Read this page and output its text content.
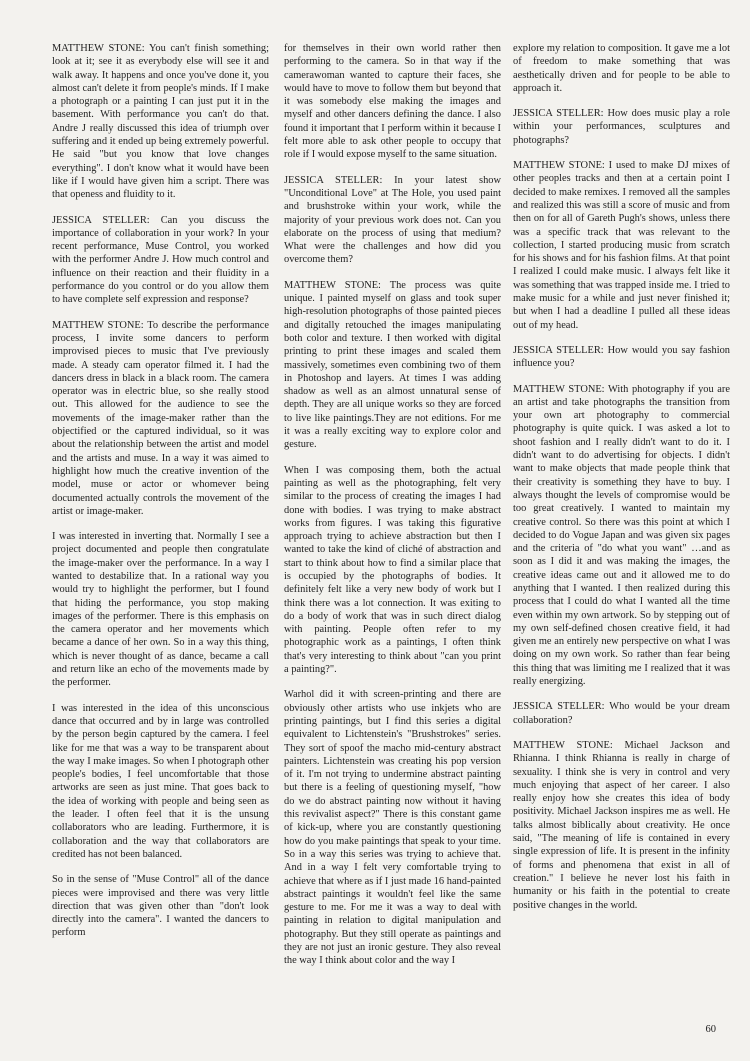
MATTHEW STONE: You can't finish something; look at it; see it as everybody else will see it and walk away. It happens and once you've done it, you almost can't delete it from people's minds. If I make a photograph or a painting I can just put it in the basement. With performance you can't do that. Andre J really discussed this idea of triumph over suffering and it ended up being extremely powerful. He said "but you know that love changes everything". I don't know what it would have been like if I would have given him a script. There was that openess and fluidity to it.

JESSICA STELLER: Can you discuss the importance of collaboration in your work? In your recent performance, Muse Control, you worked with the performer Andre J. How much control and influence on their reaction and their fluidity in a performance do you control or do you allow them to have complete self expression and response?

MATTHEW STONE: To describe the performance process, I invite some dancers to perform improvised pieces to music that I've previously made. A steady cam operator filmed it. I had the dancers dress in black in a black room. The camera operator was in electric blue, so she really stood out. This allowed for the audience to see the movements of the image-maker rather than the objectified or the captured individual, so it was about the relationship between the artist and model and the artists and muse. In a way it was aimed to highlight how much the creative invention of the model, muse or actor or whomever being documented actually controls the movement of the artist or image-maker.

I was interested in inverting that. Normally I see a project documented and people then congratulate the image-maker over the performance. In a way I wanted to destabilize that. In a rational way you would try to highlight the performer, but I found that hiding the performance, you stop making images of the performer. There is this emphasis on the camera operator and her movements which became a dance of her own. So in a way this thing, which is never thought of as dance, became a call and return like an echo of the movements made by the performer.

I was interested in the idea of this unconscious dance that occurred and by in large was controlled by the person begin captured by the camera. I feel like for me that was a way to be transparent about the way I make images. So when I photograph other people's bodies, I feel uncomfortable that those artworks are seen as just mine. That goes back to the idea of working with people and being seen as the leader. I often feel that it is the unsung collaborators who are leading. Furthermore, it is collaboration and the way that collaborators are credited has not been balanced.

So in the sense of "Muse Control" all of the dance pieces were improvised and there was very little direction that was given other than "don't look directly into the camera". I wanted the dancers to perform

for themselves in their own world rather then performing to the camera. So in that way if the camerawoman wanted to capture their faces, she would have to move to follow them but beyond that it was somebody else making the images and myself and other dancers defining the dance. I also found it important that I perform within it because I felt more able to ask other people to occupy that role if I would expose myself to the same situation.

JESSICA STELLER: In your latest show "Unconditional Love" at The Hole, you used paint and brushstroke within your work, while the majority of your previous work does not. Can you elaborate on the process of using that medium? What were the challenges and how did you overcome them?

MATTHEW STONE: The process was quite unique. I painted myself on glass and took super high-resolution photographs of those painted pieces and digitally retouched the images manipulating both color and texture. I then worked with digital printing to print these images and scaled them massively, sometimes even combining two of them in Photoshop and layers. At times I was adding shadow as well as an almost unnatural sense of depth. They are all unique works so they are forced to live like paintings.They are not editions. For me it was a really exciting way to explore color and gesture.

When I was composing them, both the actual painting as well as the photographing, felt very similar to the process of creating the images I had done with bodies. I was trying to make abstract works from figures. I was taking this figurative approach trying to achieve abstraction but then I wanted to take the kind of cliché of abstraction and start to think about how to find a similar place that is occupied by the photographs of bodies. It definitely felt like a very new body of work but I think there was a lot connection. It was exiting to do a body of work that was in such direct dialog with painting. People often refer to my photographic work as a paintings, I often think that's very interesting to think about "can you print a painting?".

Warhol did it with screen-printing and there are obviously other artists who use inkjets who are printing paintings, but I find this series a digital equivalent to Lichtenstein's "Brushstrokes" series. They sort of spoof the macho mid-century abstract painters. Lichtenstein was creating his pop version of it. I'm not trying to undermine abstract painting but there is a feeling of questioning myself, "how do we do abstract painting now without it having this revivalist aspect?" There is this constant game of kick-up, where you are constantly questioning how do you make paintings that speak to your time. So in a way this series was trying to achieve that. And in a way I felt very comfortable trying to achieve that where as if I just made 16 hand-painted abstract paintings it wouldn't feel like the same gesture to me. For me it was a way to deal with painting in relation to digital manipulation and photography. But they still operate as paintings and they are not just an ironic gesture. They also reveal the way I think about color and the way I

explore my relation to composition. It gave me a lot of freedom to make something that was aesthetically driven and for people to be able to approach it.

JESSICA STELLER: How does music play a role within your performances, sculptures and photographs?

MATTHEW STONE: I used to make DJ mixes of other peoples tracks and then at a certain point I decided to make remixes. I removed all the samples and realized this was still a score of music and from then on for all of Gareth Pugh's shows, unless there was a specific track that was relevant to the collection, I started producing music from scratch for his shows and for his fashion films. At that point I realized I could make music. I always felt like it was something that was trapped inside me. I tried to make music for a while and just never finished it; but when I had a deadline I pulled all these ideas out of my head.

JESSICA STELLER: How would you say fashion influence you?

MATTHEW STONE: With photography if you are an artist and take photographs the transition from your own art photography to commercial photography is quite quick. I was asked a lot to shoot fashion and I really didn't want to do it. I didn't want to do advertising for objects. I didn't want to make objects that made people think that their creativity is something they have to buy. I always thought the levels of compromise would be too great creatively. I wanted to maintain my creative control. So there was this point at which I decided to do Vogue Japan and was given six pages and the criteria of "do what you want" …and as soon as I did it and was making the images, the creative ideas came out and it allowed me to do anything that I wanted. I then realized during this process that I could do what I wanted all the time even within my own artwork. So by stepping out of my own self-defined chosen creative field, it had given me an entirely new perspective on what I was doing on my own work. So rather than fear being this thing that was limiting me I realized that it was really energizing.

JESSICA STELLER: Who would be your dream collaboration?

MATTHEW STONE: Michael Jackson and Rhianna. I think Rhianna is really in charge of sexuality. I think she is very in control and very much enjoying that aspect of her career. I also really enjoy how she creates this idea of body positivity. Michael Jackson inspires me as well. He talks almost biblically about creativity. He once said, "The meaning of life is contained in every single expression of life. It is present in the infinity of forms and phenomena that exist in all of creation." I believe he never lost his faith in humanity or his faith in the potential to create positive changes in the world.

60
